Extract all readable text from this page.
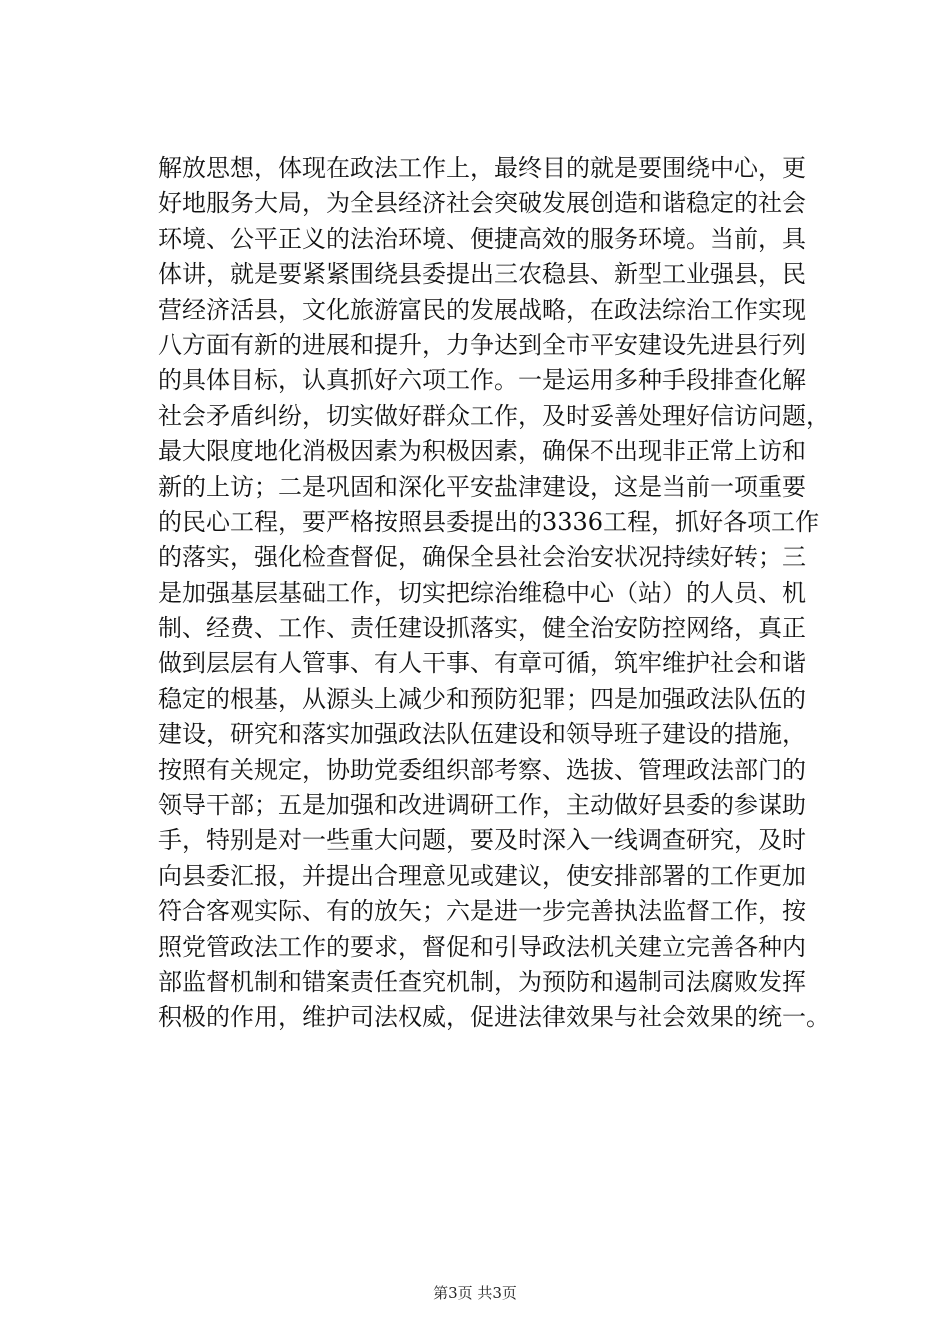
解放思想，体现在政法工作上，最终目的就是要围绕中心，更
好地服务大局，为全县经济社会突破发展创造和谐稳定的社会
环境、公平正义的法治环境、便捷高效的服务环境。当前，具
体讲，就是要紧紧围绕县委提出三农稳县、新型工业强县，民
营经济活县，文化旅游富民的发展战略，在政法综治工作实现
八方面有新的进展和提升，力争达到全市平安建设先进县行列
的具体目标，认真抓好六项工作。一是运用多种手段排查化解
社会矛盾纠纷，切实做好群众工作，及时妥善处理好信访问题，
最大限度地化消极因素为积极因素，确保不出现非正常上访和
新的上访；二是巩固和深化平安盐津建设，这是当前一项重要
的民心工程，要严格按照县委提出的3336工程，抓好各项工作
的落实，强化检查督促，确保全县社会治安状况持续好转；三
是加强基层基础工作，切实把综治维稳中心（站）的人员、机
制、经费、工作、责任建设抓落实，健全治安防控网络，真正
做到层层有人管事、有人干事、有章可循，筑牢维护社会和谐
稳定的根基，从源头上减少和预防犯罪；四是加强政法队伍的
建设，研究和落实加强政法队伍建设和领导班子建设的措施，
按照有关规定，协助党委组织部考察、选拔、管理政法部门的
领导干部；五是加强和改进调研工作，主动做好县委的参谋助
手，特别是对一些重大问题，要及时深入一线调查研究，及时
向县委汇报，并提出合理意见或建议，使安排部署的工作更加
符合客观实际、有的放矢；六是进一步完善执法监督工作，按
照党管政法工作的要求，督促和引导政法机关建立完善各种内
部监督机制和错案责任查究机制，为预防和遏制司法腐败发挥
积极的作用，维护司法权威，促进法律效果与社会效果的统一。
第3页 共3页
